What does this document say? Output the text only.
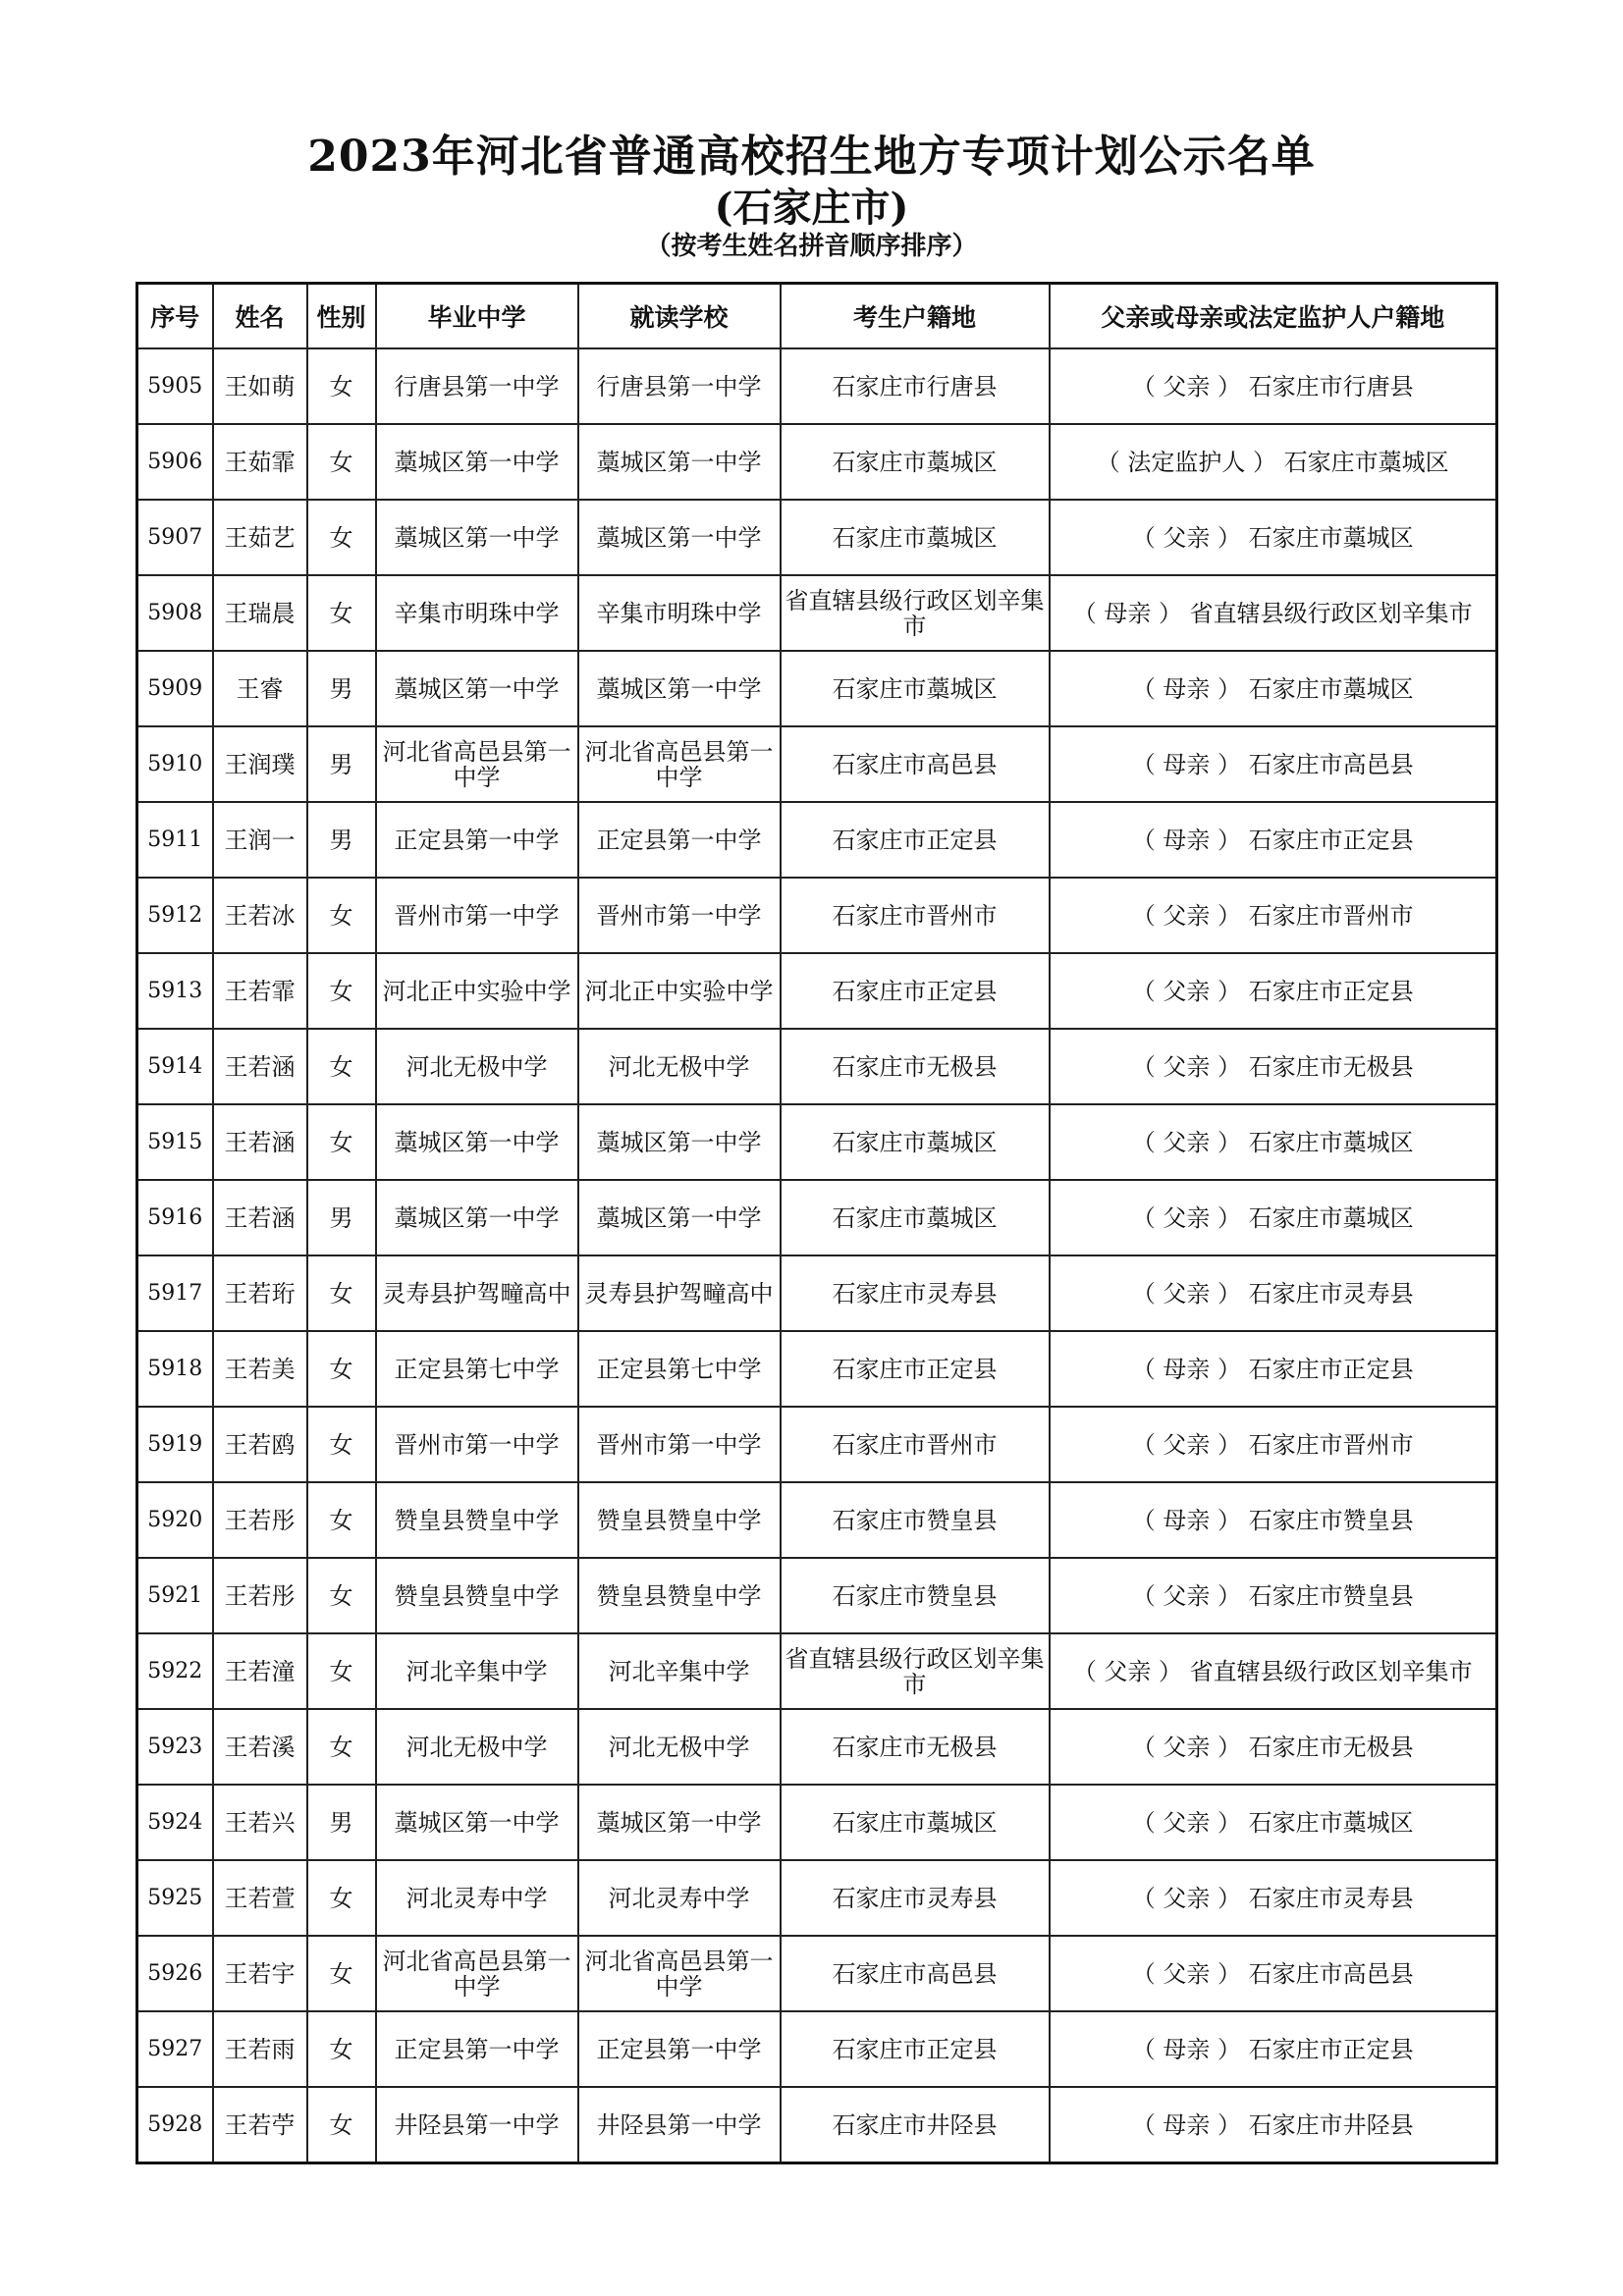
2023年河北省普通高校招生地方专项计划公示名单
(石家庄市)
（按考生姓名拼音顺序排序）
序号	姓名	性别	毕业中学	就读学校	考生户籍地	父亲或母亲或法定监护人户籍地
5905	王如萌	女	行唐县第一中学	行唐县第一中学	石家庄市行唐县	（ 父亲 ） 石家庄市行唐县
5906	王茹霏	女	藁城区第一中学	藁城区第一中学	石家庄市藁城区	（ 法定监护人 ） 石家庄市藁城区
5907	王茹艺	女	藁城区第一中学	藁城区第一中学	石家庄市藁城区	（ 父亲 ） 石家庄市藁城区
5908	王瑞晨	女	辛集市明珠中学	辛集市明珠中学	省直辖县级行政区划辛集市	（ 母亲 ） 省直辖县级行政区划辛集市
5909	王睿	男	藁城区第一中学	藁城区第一中学	石家庄市藁城区	（ 母亲 ） 石家庄市藁城区
5910	王润璞	男	河北省高邑县第一中学	河北省高邑县第一中学	石家庄市高邑县	（ 母亲 ） 石家庄市高邑县
5911	王润一	男	正定县第一中学	正定县第一中学	石家庄市正定县	（ 母亲 ） 石家庄市正定县
5912	王若冰	女	晋州市第一中学	晋州市第一中学	石家庄市晋州市	（ 父亲 ） 石家庄市晋州市
5913	王若霏	女	河北正中实验中学	河北正中实验中学	石家庄市正定县	（ 父亲 ） 石家庄市正定县
5914	王若涵	女	河北无极中学	河北无极中学	石家庄市无极县	（ 父亲 ） 石家庄市无极县
5915	王若涵	女	藁城区第一中学	藁城区第一中学	石家庄市藁城区	（ 父亲 ） 石家庄市藁城区
5916	王若涵	男	藁城区第一中学	藁城区第一中学	石家庄市藁城区	（ 父亲 ） 石家庄市藁城区
5917	王若珩	女	灵寿县护驾疃高中	灵寿县护驾疃高中	石家庄市灵寿县	（ 父亲 ） 石家庄市灵寿县
5918	王若美	女	正定县第七中学	正定县第七中学	石家庄市正定县	（ 母亲 ） 石家庄市正定县
5919	王若鸥	女	晋州市第一中学	晋州市第一中学	石家庄市晋州市	（ 父亲 ） 石家庄市晋州市
5920	王若彤	女	赞皇县赞皇中学	赞皇县赞皇中学	石家庄市赞皇县	（ 母亲 ） 石家庄市赞皇县
5921	王若彤	女	赞皇县赞皇中学	赞皇县赞皇中学	石家庄市赞皇县	（ 父亲 ） 石家庄市赞皇县
5922	王若潼	女	河北辛集中学	河北辛集中学	省直辖县级行政区划辛集市	（ 父亲 ） 省直辖县级行政区划辛集市
5923	王若溪	女	河北无极中学	河北无极中学	石家庄市无极县	（ 父亲 ） 石家庄市无极县
5924	王若兴	男	藁城区第一中学	藁城区第一中学	石家庄市藁城区	（ 父亲 ） 石家庄市藁城区
5925	王若萱	女	河北灵寿中学	河北灵寿中学	石家庄市灵寿县	（ 父亲 ） 石家庄市灵寿县
5926	王若宇	女	河北省高邑县第一中学	河北省高邑县第一中学	石家庄市高邑县	（ 父亲 ） 石家庄市高邑县
5927	王若雨	女	正定县第一中学	正定县第一中学	石家庄市正定县	（ 母亲 ） 石家庄市正定县
5928	王若苧	女	井陉县第一中学	井陉县第一中学	石家庄市井陉县	（ 母亲 ） 石家庄市井陉县
